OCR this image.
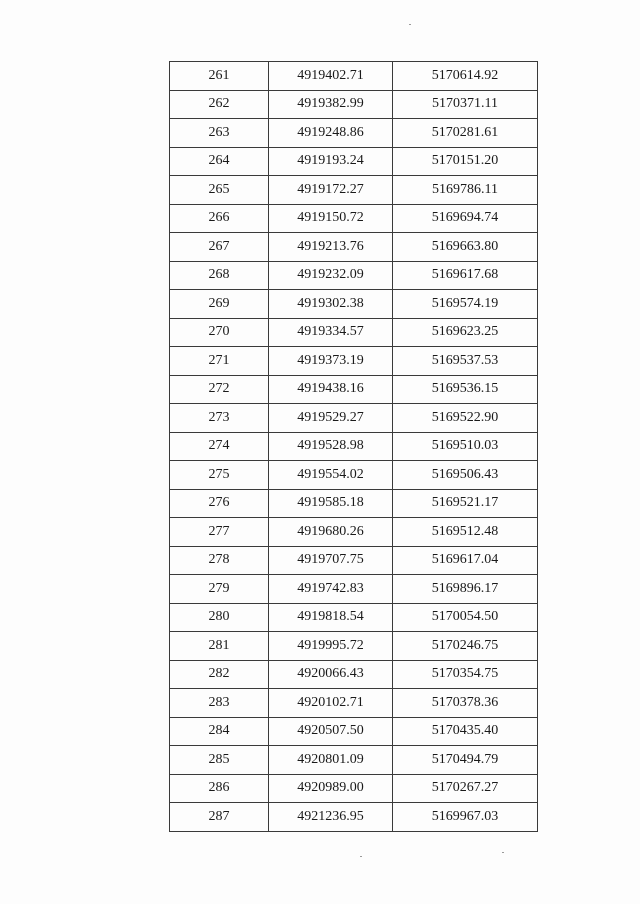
261	4919402.71	5170614.92
262	4919382.99	5170371.11
263	4919248.86	5170281.61
264	4919193.24	5170151.20
265	4919172.27	5169786.11
266	4919150.72	5169694.74
267	4919213.76	5169663.80
268	4919232.09	5169617.68
269	4919302.38	5169574.19
270	4919334.57	5169623.25
271	4919373.19	5169537.53
272	4919438.16	5169536.15
273	4919529.27	5169522.90
274	4919528.98	5169510.03
275	4919554.02	5169506.43
276	4919585.18	5169521.17
277	4919680.26	5169512.48
278	4919707.75	5169617.04
279	4919742.83	5169896.17
280	4919818.54	5170054.50
281	4919995.72	5170246.75
282	4920066.43	5170354.75
283	4920102.71	5170378.36
284	4920507.50	5170435.40
285	4920801.09	5170494.79
286	4920989.00	5170267.27
287	4921236.95	5169967.03
